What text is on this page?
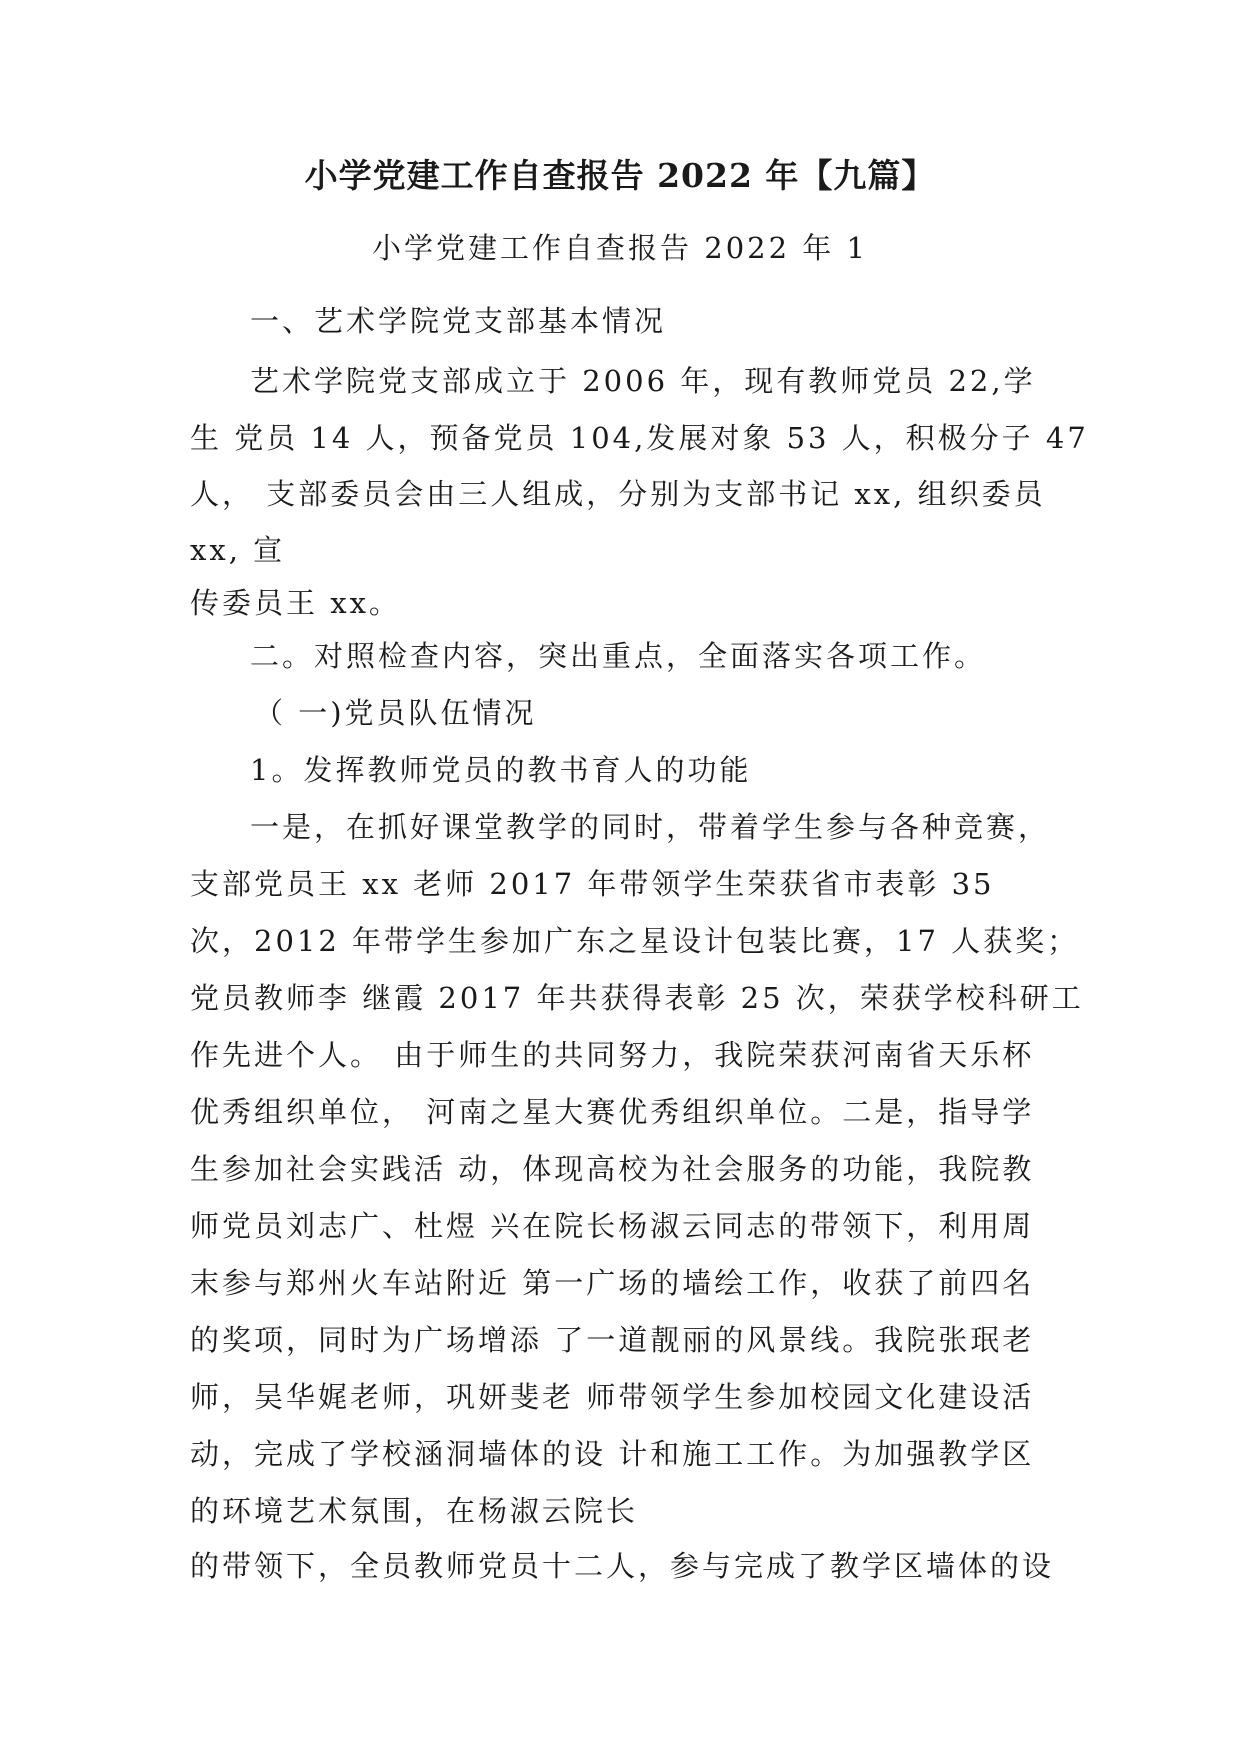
小学党建工作自查报告 2022 年【九篇】
小学党建工作自查报告 2022 年 1
一、艺术学院党支部基本情况
艺术学院党支部成立于 2006 年，现有教师党员 22,学
生 党员 14 人，预备党员 104,发展对象 53 人，积极分子 47
人， 支部委员会由三人组成，分别为支部书记 xx, 组织委员
xx, 宣
传委员王 xx。
二。对照检查内容，突出重点，全面落实各项工作。
（ 一)党员队伍情况
1。发挥教师党员的教书育人的功能
一是，在抓好课堂教学的同时，带着学生参与各种竞赛，
支部党员王 xx 老师 2017 年带领学生荣获省市表彰 35
次，2012 年带学生参加广东之星设计包装比赛，17 人获奖；
党员教师李 继霞 2017 年共获得表彰 25 次，荣获学校科研工
作先进个人。 由于师生的共同努力，我院荣获河南省天乐杯
优秀组织单位， 河南之星大赛优秀组织单位。二是，指导学
生参加社会实践活 动，体现高校为社会服务的功能，我院教
师党员刘志广、杜煜 兴在院长杨淑云同志的带领下，利用周
末参与郑州火车站附近 第一广场的墙绘工作，收获了前四名
的奖项，同时为广场增添 了一道靓丽的风景线。我院张珉老
师，吴华娓老师，巩妍斐老 师带领学生参加校园文化建设活
动，完成了学校涵洞墙体的设 计和施工工作。为加强教学区
的环境艺术氛围，在杨淑云院长
的带领下，全员教师党员十二人，参与完成了教学区墙体的设
